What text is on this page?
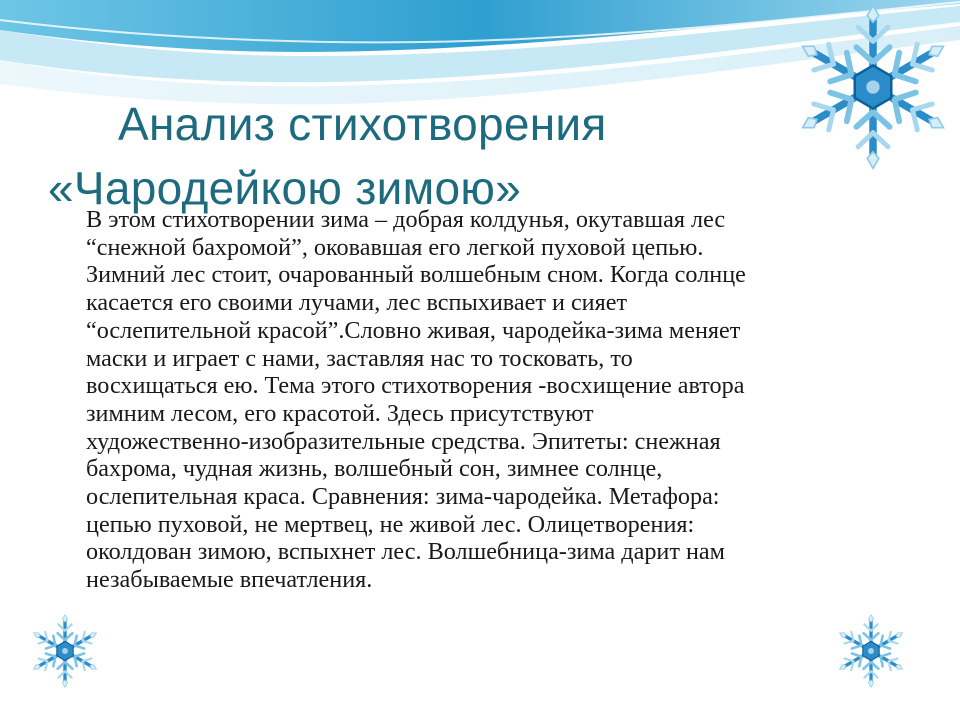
Анализ стихотворения
«Чародейкою зимою»
В этом стихотворении зима – добрая колдунья, окутавшая лес
“снежной бахромой”, оковавшая его легкой пуховой цепью.
Зимний лес стоит, очарованный волшебным сном. Когда солнце
касается его своими лучами, лес вспыхивает и сияет
“ослепительной красой”.Словно живая, чародейка-зима меняет
маски и играет с нами, заставляя нас то тосковать, то
восхищаться ею. Тема этого стихотворения -восхищение автора
зимним лесом, его красотой. Здесь присутствуют
художественно-изобразительные средства. Эпитеты: снежная
бахрома, чудная жизнь, волшебный сон, зимнее солнце,
ослепительная краса. Сравнения: зима-чародейка. Метафора:
цепью пуховой, не мертвец, не живой лес. Олицетворения:
околдован зимою, вспыхнет лес. Волшебница-зима дарит нам
незабываемые впечатления.
